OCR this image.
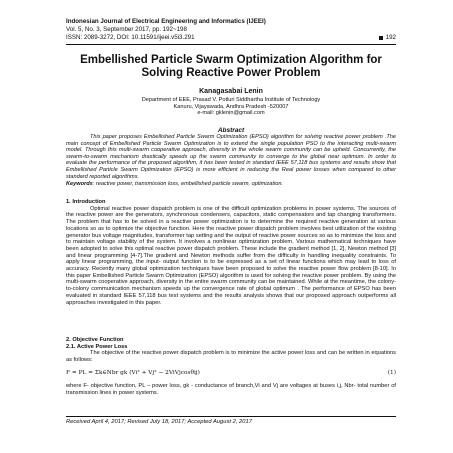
Indonesian Journal of Electrical Engineering and Informatics (IJEEI)
Vol. 5, No. 3, September 2017, pp. 192~198
ISSN: 2089-3272, DOI: 10.11591/ijeei.v5i3.291	192
Embellished Particle Swarm Optimization Algorithm for Solving Reactive Power Problem
Kanagasabai Lenin
Department of EEE, Prasad V. Potluri Siddhartha Institute of Technology
Kanuru, Vijayawada, Andhra Pradesh -520007
e-mail: gklenin@gmail.com
Abstract

This paper proposes Embellished Particle Swarm Optimization (EPSO) algorithm for solving reactive power problem .The main concept of Embellished Particle Swarm Optimization is to extend the single population PSO to the interacting multi-swarm model. Through this multi-swarm cooperative approach, diversity in the whole swarm community can be upheld. Concurrently, the swarm-to-swarm mechanism drastically speeds up the swarm community to converge to the global near optimum. In order to evaluate the performance of the proposed algorithm, it has been tested in standard IEEE 57,118 bus systems and results show that Embellished Particle Swarm Optimization (EPSO) is more efficient in reducing the Real power losses when compared to other standard reported algorithms.

Keywords: reactive power, transmission loss, embellished particle swarm, optimization.
1. Introduction

Optimal reactive power dispatch problem is one of the difficult optimization problems in power systems. The sources of the reactive power are the generators, synchronous condensers, capacitors, static compensators and tap changing transformers. The problem that has to be solved in a reactive power optimization is to determine the required reactive generation at various locations so as to optimize the objective function. Here the reactive power dispatch problem involves best utilization of the existing generator bus voltage magnitudes, transformer tap setting and the output of reactive power sources so as to minimize the loss and to maintain voltage stability of the system. It involves a nonlinear optimization problem. Various mathematical techniques have been adopted to solve this optimal reactive power dispatch problem. These include the gradient method [1, 2], Newton method [3] and linear programming [4-7].The gradient and Newton methods suffer from the difficulty in handling inequality constraints. To apply linear programming, the input- output function is to be expressed as a set of linear functions which may lead to loss of accuracy. Recently many global optimization techniques have been proposed to solve the reactive power flow problem [8-10]. In this paper Embellished Particle Swarm Optimization (EPSO) algorithm is used for solving the reactive power problem. By using the multi-swarm cooperative approach, diversity in the entire swarm community can be maintained. While at the meantime, the colony-to-colony communication mechanism speeds up the convergence rate of global optimum . The performance of EPSO has been evaluated in standard IEEE 57,118 bus test systems and the results analysis shows that our proposed approach outperforms all approaches investigated in this paper.

2. Objective Function
2.1. Active Power Loss

The objective of the reactive power dispatch problem is to minimize the active power loss and can be written in equations as follows:

F = PL = Σk∈Nbr gk (Vi² + Vj² − 2ViVjcosθij)	(1)
where F- objective function, PL – power loss, gk - conductance of branch,Vi and Vj are voltages at buses i,j, Nbr- total number of transmission lines in power systems.
Received April 4, 2017; Revised July 18, 2017; Accepted August 2, 2017
